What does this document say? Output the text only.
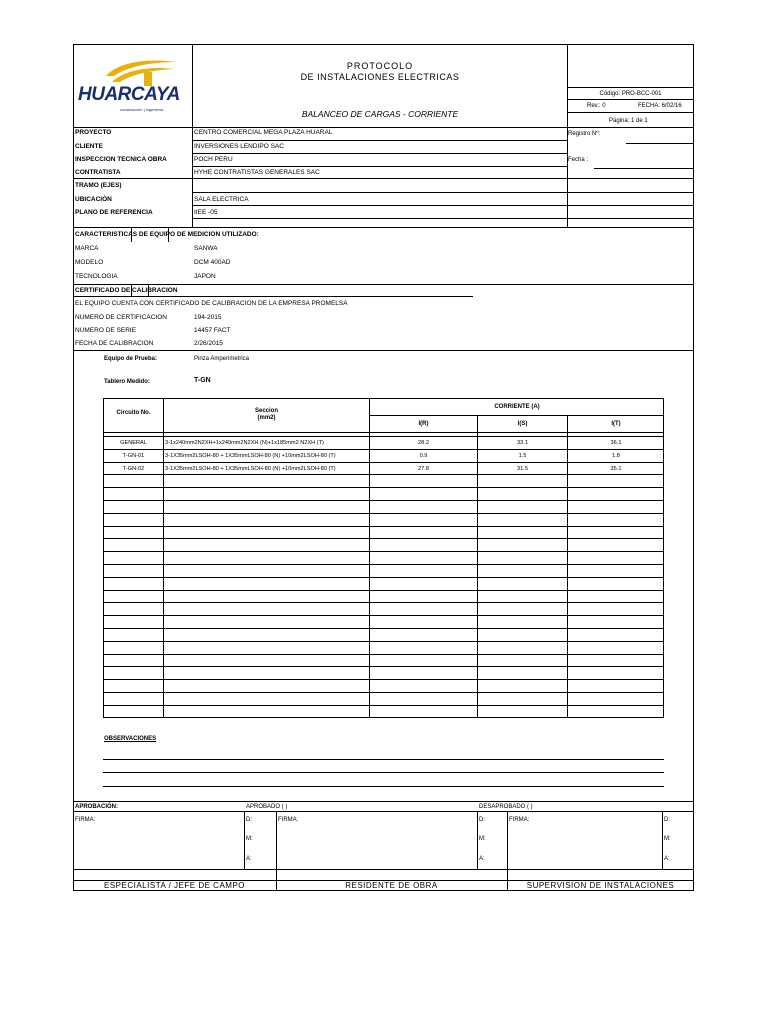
HUARCAYA
construcción | ingeniería
PROTOCOLO
DE INSTALACIONES ELECTRICAS
BALANCEO DE CARGAS - CORRIENTE
Código: PRO-BCC-001
Rev.: 0	FECHA: 6/02/16
Página: 1 de 1
PROYECTO	CENTRO COMERCIAL MEGA PLAZA HUARAL
CLIENTE	INVERSIONES LENDIPO SAC
INSPECCION TECNICA OBRA	POCH PERU
CONTRATISTA	HYHE CONTRATISTAS GENERALES SAC
TRAMO (EJES)
UBICACIÓN	SALA ELECTRICA
PLANO DE REFERENCIA	IIEE -05
Registro Nº:
Fecha :
CARACTERISTICAS DE EQUIPO DE MEDICION UTILIZADO:
MARCA	SANWA
MODELO	DCM 400AD
TECNOLOGIA	JAPON
CERTIFICADO DE CALIBRACION
EL EQUIPO CUENTA CON CERTIFICADO DE CALIBRACION DE LA EMPRESA PROMELSA
NUMERO DE CERTIFICACION	194-2015
NUMERO DE SERIE	14457 FACT
FECHA DE CALIBRACION	2/26/2015
Equipo de Prueba:	Pinza Amperimetrica
Tablero Medido:	T-GN
Circuito No.	Seccion
(mm2)
CORRIENTE (A)
I(R)	I(S)	I(T)
GENERAL	3-1x240mm2N2XH+1x240mm2N2XH (N)+1x185mm2 N2XH (T)	28.2	33.1	36.1
T-GN-01	3-1X35mm2LSOH-80 + 1X35mmLSOH-80 (N) +10mm2LSOH-80 (T)	0.9	1.5	1.8
T-GN-02	3-1X35mm2LSOH-80 + 1X35mmLSOH-80 (N) +10mm2LSOH-80 (T)	27.8	31.5	35.1
OBSERVACIONES
APROBACIÓN:	APROBADO ( )	DESAPROBADO ( )
FIRMA:	FIRMA:	FIRMA:
D:
M:
A:
D:
M:
A:
D:
M:
A:
ESPECIALISTA / JEFE DE CAMPO	RESIDENTE DE OBRA	SUPERVISION DE INSTALACIONES
